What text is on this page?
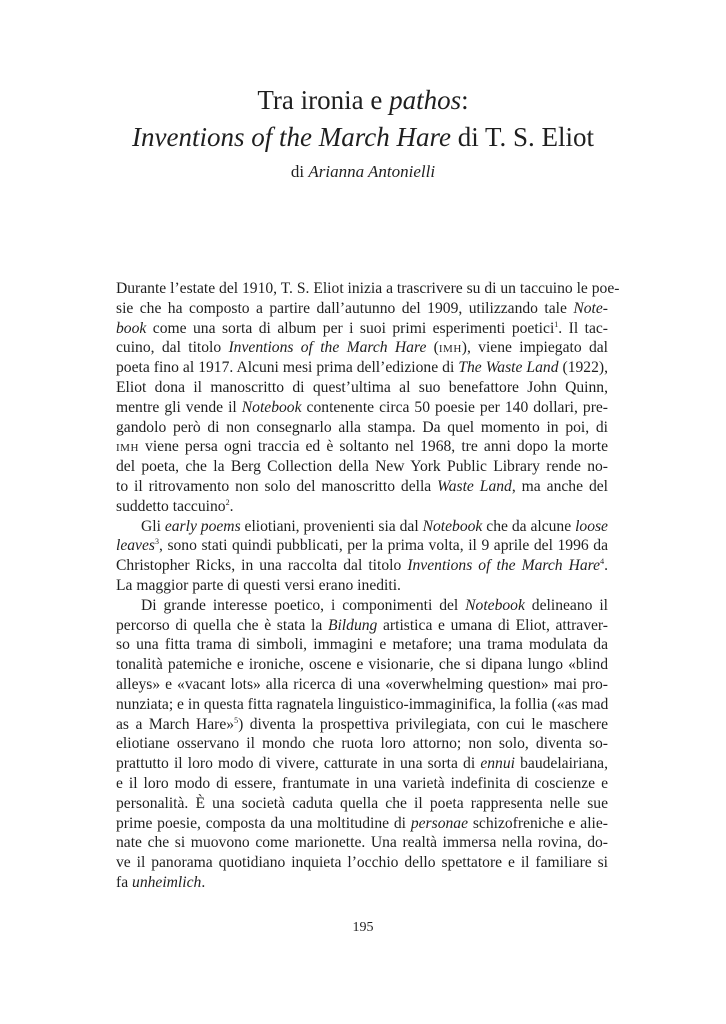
Tra ironia e pathos:
Inventions of the March Hare di T. S. Eliot
di Arianna Antonielli
Durante l’estate del 1910, T. S. Eliot inizia a trascrivere su di un taccuino le poe-
sie che ha composto a partire dall’autunno del 1909, utilizzando tale Note-
book come una sorta di album per i suoi primi esperimenti poetici$^1$. Il tac-
cuino, dal titolo Inventions of the March Hare (IMH), viene impiegato dal
poeta fino al 1917. Alcuni mesi prima dell’edizione di The Waste Land (1922),
Eliot dona il manoscritto di quest’ultima al suo benefattore John Quinn,
mentre gli vende il Notebook contenente circa 50 poesie per 140 dollari, pre-
gandolo però di non consegnarlo alla stampa. Da quel momento in poi, di
IMH viene persa ogni traccia ed è soltanto nel 1968, tre anni dopo la morte
del poeta, che la Berg Collection della New York Public Library rende no-
to il ritrovamento non solo del manoscritto della Waste Land, ma anche del
suddetto taccuino$^2$.
Gli early poems eliotiani, provenienti sia dal Notebook che da alcune loose
leaves$^3$, sono stati quindi pubblicati, per la prima volta, il 9 aprile del 1996 da
Christopher Ricks, in una raccolta dal titolo Inventions of the March Hare$^4$.
La maggior parte di questi versi erano inediti.
Di grande interesse poetico, i componimenti del Notebook delineano il
percorso di quella che è stata la Bildung artistica e umana di Eliot, attraver-
so una fitta trama di simboli, immagini e metafore; una trama modulata da
tonalità patemiche e ironiche, oscene e visionarie, che si dipana lungo «blind
alleys» e «vacant lots» alla ricerca di una «overwhelming question» mai pro-
nunziata; e in questa fitta ragnatela linguistico-immaginifica, la follia («as mad
as a March Hare»$^5$) diventa la prospettiva privilegiata, con cui le maschere
eliotiane osservano il mondo che ruota loro attorno; non solo, diventa so-
prattutto il loro modo di vivere, catturate in una sorta di ennui baudelairiana,
e il loro modo di essere, frantumate in una varietà indefinita di coscienze e
personalità. È una società caduta quella che il poeta rappresenta nelle sue
prime poesie, composta da una moltitudine di personae schizofreniche e alie-
nate che si muovono come marionette. Una realtà immersa nella rovina, do-
ve il panorama quotidiano inquieta l’occhio dello spettatore e il familiare si
fa unheimlich.
195
